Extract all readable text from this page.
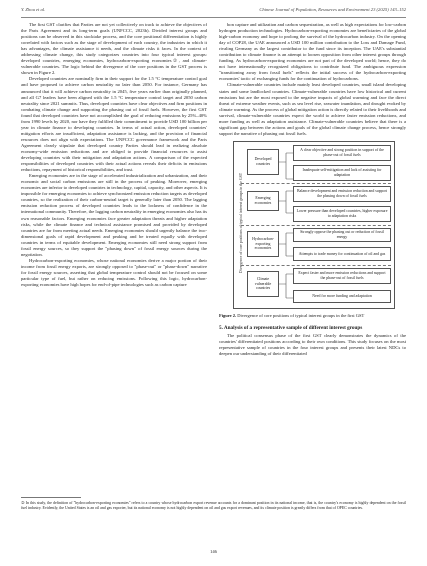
Y. Zhou et al.	Chinese Journal of Population, Resources and Environment 23 (2025) 143–152

The first GST clarifies that Parties are not yet collectively on track to achieve the objectives of the Paris Agreement and its long-term goals (UNFCCC, 2023b). Divided interest groups and positions can be observed in this stocktake process, and the core positional differentiation is highly correlated with factors such as the stage of development of each country, the industries in which it has advantages, the climate assistance it needs, and the climate risks it faces. In the context of addressing climate change, this study categorizes countries into four typical interest groups: developed countries, emerging economies, hydrocarbon-exporting economies②, and climate-vulnerable countries. The logic behind the divergence of the core positions in the GST process is shown in Figure 2.

Developed countries are nominally firm in their support for the 1.5 °C temperature control goal and have proposed to achieve carbon neutrality no later than 2050. For instance, Germany has announced that it will achieve carbon neutrality in 2045, five years earlier than originally planned, and all G7 leaders have been aligned with the 1.5 °C temperature control target and 2050 carbon neutrality since 2021 summits. Thus, developed countries have clear objectives and firm positions in combating climate change and supporting the phasing out of fossil fuels. However, the first GST found that developed countries have not accomplished the goal of reducing emissions by 25%–40% from 1990 levels by 2020, nor have they fulfilled their commitment to provide USD 100 billion per year in climate finance to developing countries. In terms of actual action, developed countries' mitigation efforts are insufficient, adaptation assistance is lacking, and the provision of financial resources does not align with expectations. The UNFCCC governance framework and the Paris Agreement clearly stipulate that developed country Parties should lead in realizing absolute economy-wide emission reductions and are obliged to provide financial resources to assist developing countries with their mitigation and adaptation actions. A comparison of the expected responsibilities of developed countries with their actual actions reveals their deficits in emissions reductions, repayment of historical responsibilities, and trust.

Emerging economies are in the stage of accelerated industrialization and urbanization, and their economic and social carbon emissions are still in the process of peaking. Moreover, emerging economies are inferior to developed countries in technology, capital, capacity, and other aspects. It is impossible for emerging economies to achieve synchronized emission reduction targets as developed countries, so the realization of their carbon-neutral target is generally later than 2050. The lagging emission reduction process of developed countries leads to the lockness of confidence in the international community. Therefore, the lagging carbon neutrality in emerging economies also has its own reasonable factors. Emerging economies face greater adaptation threats and higher adaptation risks, while the climate finance and technical assistance promised and provided by developed countries are far from meeting actual needs. Emerging economies should urgently balance the two-dimensional goals of rapid development and peaking and be treated equally with developed countries in terms of equitable development. Emerging economies still need strong support from fossil energy sources, so they support the "phasing down" of fossil energy sources during the negotiation.

Hydrocarbon-exporting economies, whose national economies derive a major portion of their income from fossil energy exports, are strongly opposed to "phase-out" or "phase-down" narrative for fossil energy sources, asserting that global temperature control should not be focused on some particular type of fuel, but rather on reducing emissions. Following this logic, hydrocarbon-exporting economies have high hopes for end-of-pipe technologies such as carbon capture

bon capture and utilization and carbon sequestration, as well as high expectations for low-carbon hydrogen production technologies. Hydrocarbon-exporting economies are beneficiaries of the global high-carbon economy and hope to prolong the survival of the hydrocarbon industry. On the opening day of COP28, the UAE announced a USD 100 million contribution to the Loss and Damage Fund, rivaling Germany as the largest contributor to the fund since its inception. The UAE's substantial contribution to climate finance is an attempt to loosen opposition from other interest groups through funding. As hydrocarbon-exporting economies are not part of the developed world; hence, they do not have internationally recognized obligations to contribute fund. The ambiguous expression "transitioning away from fossil fuels" reflects the initial success of the hydrocarbon-exporting economies' tactic of exchanging funds for the continuation of hydrocarbons.

Climate-vulnerable countries include mainly least developed countries, small island developing states and some landlocked countries. Climate-vulnerable countries have low historical and current emissions but are the most exposed to the negative impacts of global warming and face the direct threat of extreme weather events, such as sea level rise, seawater inundation, and drought evoked by climate warming. As the process of global mitigation action is directly related to their livelihoods and survival, climate-vulnerable countries expect the world to achieve faster emission reductions, and more funding as well as adaptation assistance. Climate-vulnerable countries believe that there is a significant gap between the actions and goals of the global climate change process, hence strongly support the narrative of phasing out fossil fuels.

Divergence of core positions of typical interest groups in the GST
Developed countries
A clear objective and strong position in support of the phase-out of fossil fuels
Inadequate self-mitigation and lack of assisting for adaptation
Emerging economies
Balance development and emission reduction and support the phasing down of fossil fuels
Lower pressure than developed countries, higher exposure to adaptation risks
Hydrocarbon-exporting economies
Strongly oppose the phasing out or reduction of fossil energy
Attempts to trade money for continuation of oil and gas
Climate vulnerable countries
Expect faster and more emission reductions and support the phase-out of fossil fuels
Need for more funding and adaptation
Figure 2. Divergence of core positions of typical interest groups in the first GST
5. Analysis of a representative sample of different interest groups

The political consensus phase of the first GST clearly demonstrates the dynamics of the countries' differentiated positions according to their own conditions. This study focuses on the most representative sample of countries in the four interest groups and presents their latest NDCs to deepen our understanding of their differentiated

② In this study, the definition of "hydrocarbon-exporting economies" refers to a country whose hydrocarbon export revenue accounts for a dominant position in its national income, that is, the country's economy is highly dependent on the fossil fuel industry. Evidently, the United States is an oil and gas exporter, but its national economy is not highly dependent on oil and gas export revenues, and its climate position is greatly differs from that of OPEC countries.
146
